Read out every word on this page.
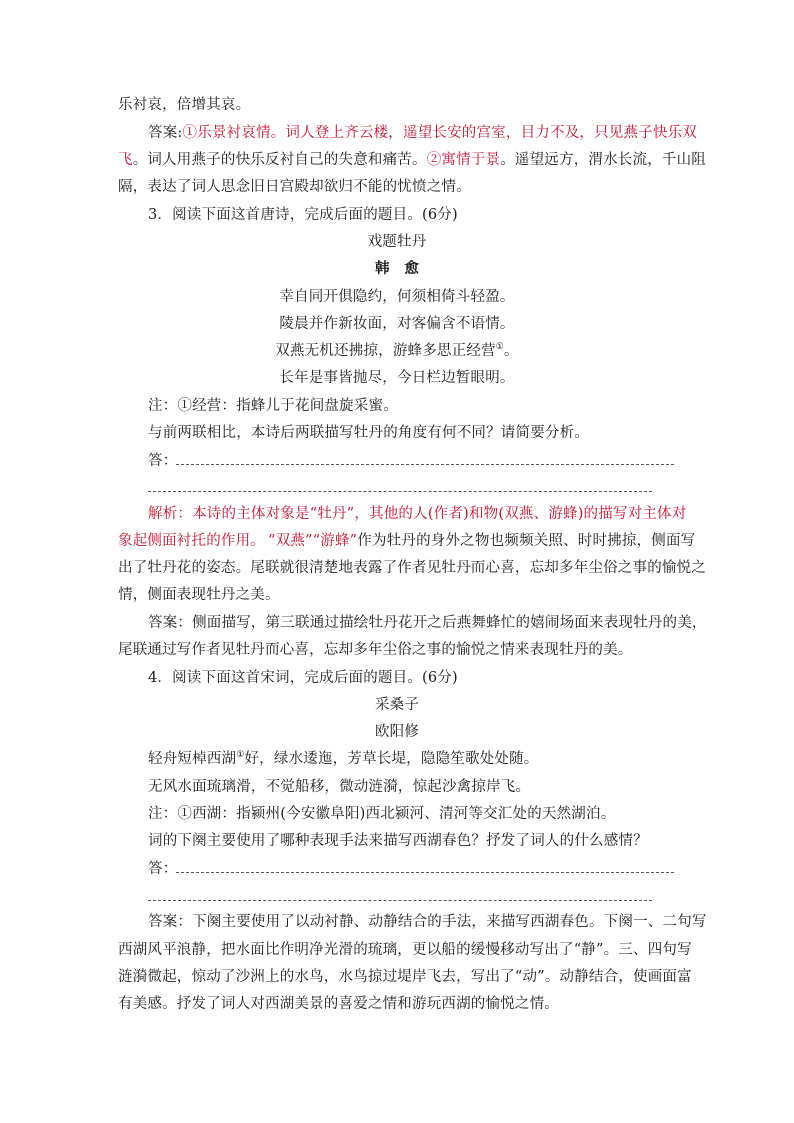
乐衬哀，倍增其哀。
答案:①乐景衬哀情。词人登上齐云楼，遥望长安的宫室，目力不及，只见燕子快乐双
飞。词人用燕子的快乐反衬自己的失意和痛苦。②寓情于景。遥望远方，渭水长流，千山阻
隔，表达了词人思念旧日宫殿却欲归不能的忧愤之情。
3．阅读下面这首唐诗，完成后面的题目。(6分)
戏题牡丹
韩　愈
幸自同开俱隐约，何须相倚斗轻盈。
陵晨并作新妆面，对客偏含不语情。
双燕无机还拂掠，游蜂多思正经营①。
长年是事皆抛尽，今日栏边暂眼明。
注：①经营：指蜂儿于花间盘旋采蜜。
与前两联相比，本诗后两联描写牡丹的角度有何不同？请简要分析。
答：
解析：本诗的主体对象是“牡丹”，其他的人(作者)和物(双燕、游蜂)的描写对主体对
象起侧面衬托的作用。 “双燕”“游蜂”作为牡丹的身外之物也频频关照、时时拂掠，侧面写
出了牡丹花的姿态。尾联就很清楚地表露了作者见牡丹而心喜，忘却多年尘俗之事的愉悦之
情，侧面表现牡丹之美。
答案：侧面描写，第三联通过描绘牡丹花开之后燕舞蜂忙的嬉闹场面来表现牡丹的美，
尾联通过写作者见牡丹而心喜，忘却多年尘俗之事的愉悦之情来表现牡丹的美。
4．阅读下面这首宋词，完成后面的题目。(6分)
采桑子
欧阳修
轻舟短棹西湖①好，绿水逶迤，芳草长堤，隐隐笙歌处处随。
无风水面琉璃滑，不觉船移，微动涟漪，惊起沙禽掠岸飞。
注：①西湖：指颍州(今安徽阜阳)西北颍河、清河等交汇处的天然湖泊。
词的下阕主要使用了哪种表现手法来描写西湖春色？抒发了词人的什么感情？
答：
答案：下阕主要使用了以动衬静、动静结合的手法，来描写西湖春色。下阕一、二句写
西湖风平浪静，把水面比作明净光滑的琉璃，更以船的缓慢移动写出了“静”。三、四句写
涟漪微起，惊动了沙洲上的水鸟，水鸟掠过堤岸飞去，写出了“动”。动静结合，使画面富
有美感。抒发了词人对西湖美景的喜爱之情和游玩西湖的愉悦之情。
